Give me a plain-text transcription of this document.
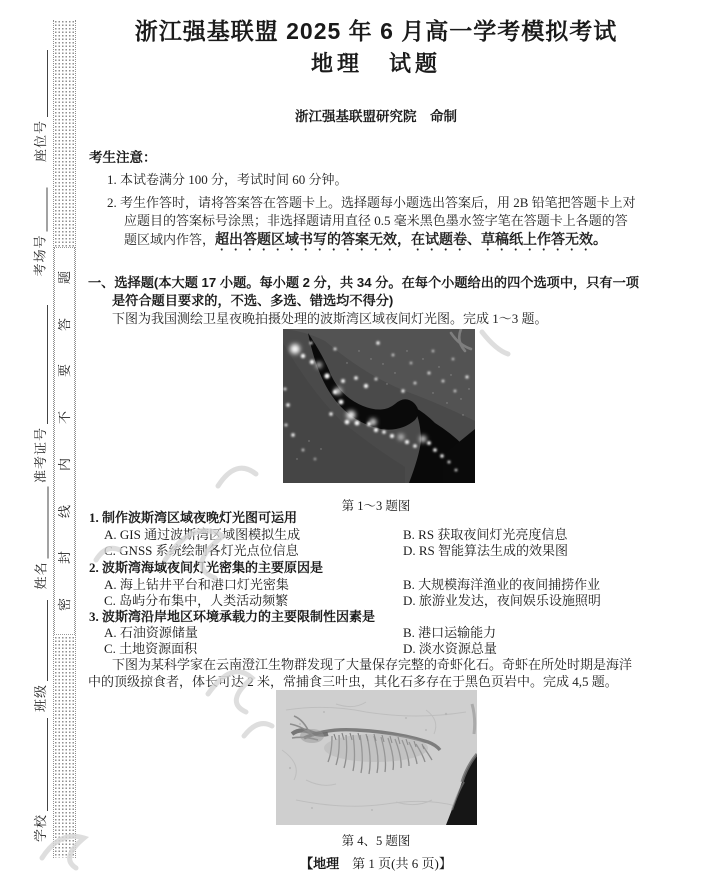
座位号
考场号
准考证号
姓名
班级
学校
题
答
要
不
内
线
封
密
浙江强基联盟 2025 年 6 月高一学考模拟考试
地理　试题
浙江强基联盟研究院　命制
考生注意：
1. 本试卷满分 100 分，考试时间 60 分钟。
2. 考生作答时，请将答案答在答题卡上。选择题每小题选出答案后，用 2B 铅笔把答题卡上对
应题目的答案标号涂黑；非选择题请用直径 0.5 毫米黑色墨水签字笔在答题卡上各题的答
题区域内作答，超出答题区域书写的答案无效，在试题卷、草稿纸上作答无效。
一、选择题(本大题 17 小题。每小题 2 分，共 34 分。在每个小题给出的四个选项中，只有一项
是符合题目要求的，不选、多选、错选均不得分)
下图为我国测绘卫星夜晚拍摄处理的波斯湾区域夜间灯光图。完成 1～3 题。
第 1～3 题图
1. 制作波斯湾区域夜晚灯光图可运用
A. GIS 通过波斯湾区域图模拟生成	B. RS 获取夜间灯光亮度信息
C. GNSS 系统绘制各灯光点位信息	D. RS 智能算法生成的效果图
2. 波斯湾海域夜间灯光密集的主要原因是
A. 海上钻井平台和港口灯光密集	B. 大规模海洋渔业的夜间捕捞作业
C. 岛屿分布集中，人类活动频繁	D. 旅游业发达，夜间娱乐设施照明
3. 波斯湾沿岸地区环境承载力的主要限制性因素是
A. 石油资源储量	B. 港口运输能力
C. 土地资源面积	D. 淡水资源总量
下图为某科学家在云南澄江生物群发现了大量保存完整的奇虾化石。奇虾在所处时期是海洋
中的顶级掠食者，体长可达 2 米，常捕食三叶虫，其化石多存在于黑色页岩中。完成 4,5 题。
第 4、5 题图
【地理　第 1 页(共 6 页)】
